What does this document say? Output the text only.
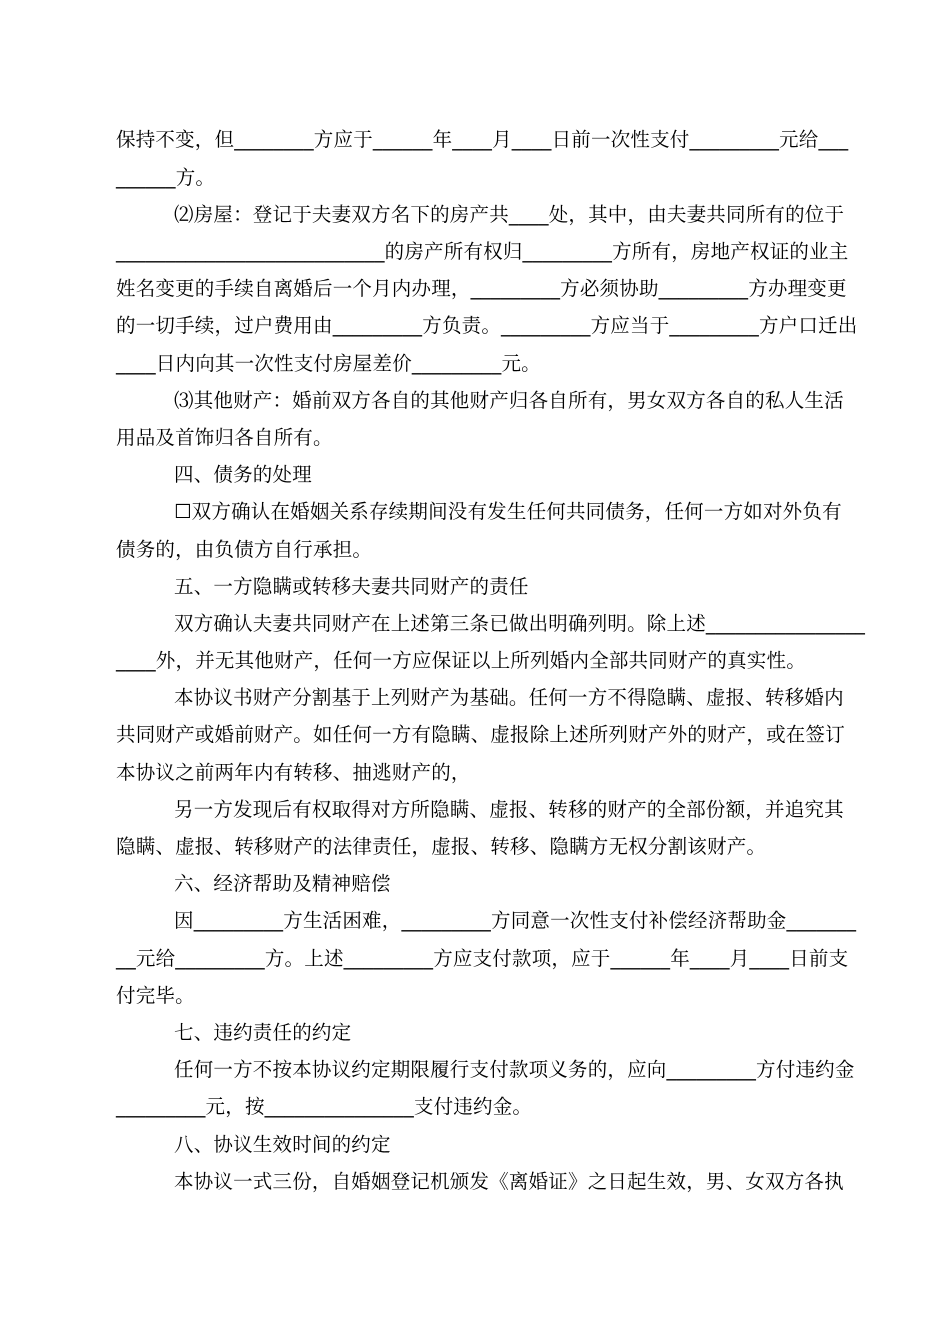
保持不变，但________方应于______年____月____日前一次性支付_________元给___
______方。
⑵房屋：登记于夫妻双方名下的房产共____处，其中，由夫妻共同所有的位于
___________________________的房产所有权归_________方所有，房地产权证的业主
姓名变更的手续自离婚后一个月内办理，_________方必须协助_________方办理变更
的一切手续，过户费用由_________方负责。_________方应当于_________方户口迁出
____日内向其一次性支付房屋差价_________元。
⑶其他财产：婚前双方各自的其他财产归各自所有，男女双方各自的私人生活
用品及首饰归各自所有。
四、债务的处理
☐双方确认在婚姻关系存续期间没有发生任何共同债务，任何一方如对外负有
债务的，由负债方自行承担。
五、一方隐瞒或转移夫妻共同财产的责任
双方确认夫妻共同财产在上述第三条已做出明确列明。除上述________________
____外，并无其他财产，任何一方应保证以上所列婚内全部共同财产的真实性。
本协议书财产分割基于上列财产为基础。任何一方不得隐瞒、虚报、转移婚内
共同财产或婚前财产。如任何一方有隐瞒、虚报除上述所列财产外的财产，或在签订
本协议之前两年内有转移、抽逃财产的，
另一方发现后有权取得对方所隐瞒、虚报、转移的财产的全部份额，并追究其
隐瞒、虚报、转移财产的法律责任，虚报、转移、隐瞒方无权分割该财产。
六、经济帮助及精神赔偿
因_________方生活困难，_________方同意一次性支付补偿经济帮助金_______
__元给_________方。上述_________方应支付款项，应于______年____月____日前支
付完毕。
七、违约责任的约定
任何一方不按本协议约定期限履行支付款项义务的，应向_________方付违约金
_________元，按_______________支付违约金。
八、协议生效时间的约定
本协议一式三份，自婚姻登记机颁发《离婚证》之日起生效，男、女双方各执
